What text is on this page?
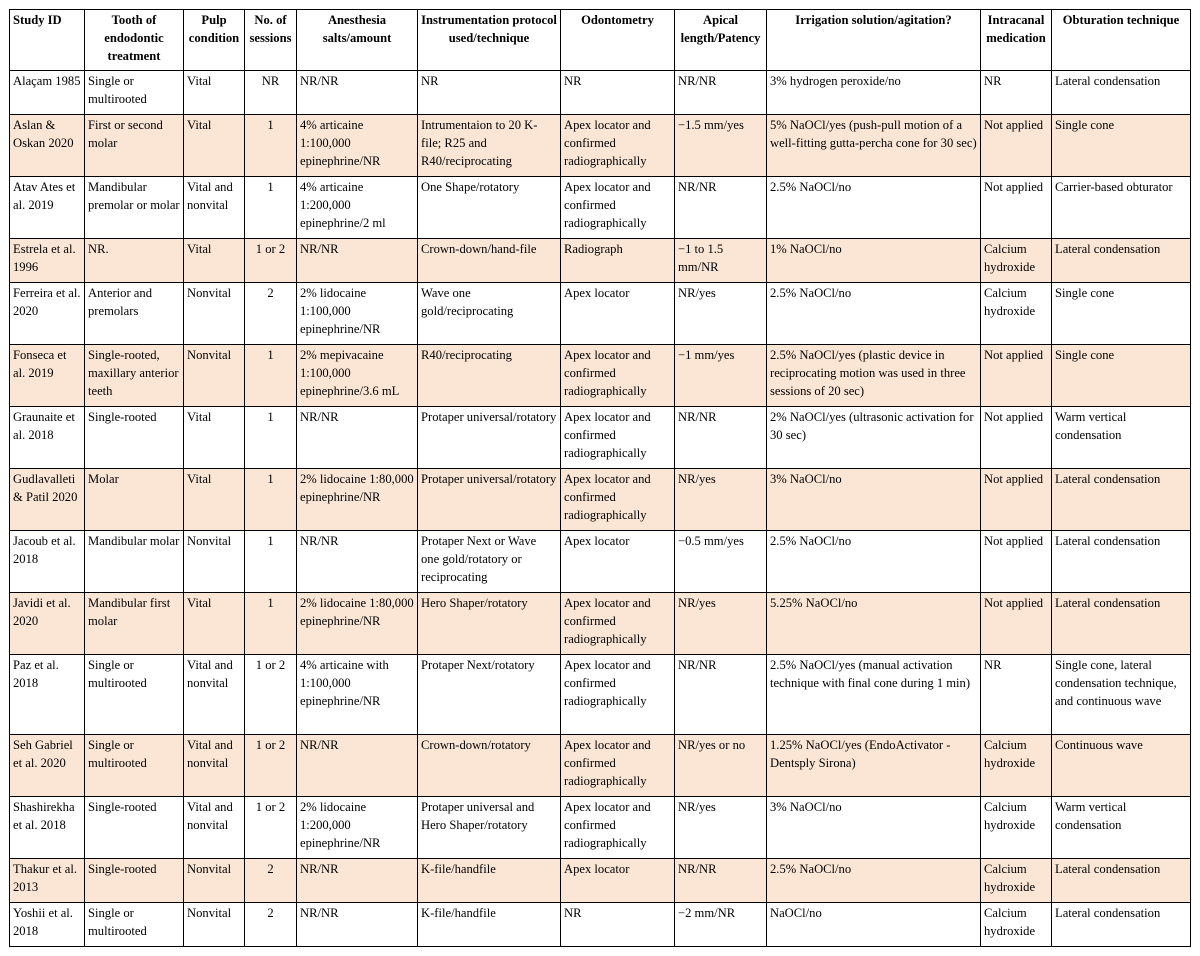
Study ID	Tooth of endodontic treatment	Pulp condition	No. of sessions	Anesthesia salts/amount	Instrumentation protocol used/technique	Odontometry	Apical length/Patency	Irrigation solution/agitation?	Intracanal medication	Obturation technique
Alaçam 1985	Single or multirooted	Vital	NR	NR/NR	NR	NR	NR/NR	3% hydrogen peroxide/no	NR	Lateral condensation
Aslan & Oskan 2020	First or second molar	Vital	1	4% articaine 1:100,000 epinephrine/NR	Intrumentaion to 20 K-file; R25 and R40/reciprocating	Apex locator and confirmed radiographically	−1.5 mm/yes	5% NaOCl/yes (push-pull motion of a well-fitting gutta-percha cone for 30 sec)	Not applied	Single cone
Atav Ates et al. 2019	Mandibular premolar or molar	Vital and nonvital	1	4% articaine 1:200,000 epinephrine/2 ml	One Shape/rotatory	Apex locator and confirmed radiographically	NR/NR	2.5% NaOCl/no	Not applied	Carrier-based obturator
Estrela et al. 1996	NR.	Vital	1 or 2	NR/NR	Crown-down/hand-file	Radiograph	−1 to 1.5 mm/NR	1% NaOCl/no	Calcium hydroxide	Lateral condensation
Ferreira et al. 2020	Anterior and premolars	Nonvital	2	2% lidocaine 1:100,000 epinephrine/NR	Wave one gold/reciprocating	Apex locator	NR/yes	2.5% NaOCl/no	Calcium hydroxide	Single cone
Fonseca et al. 2019	Single-rooted, maxillary anterior teeth	Nonvital	1	2% mepivacaine 1:100,000 epinephrine/3.6 mL	R40/reciprocating	Apex locator and confirmed radiographically	−1 mm/yes	2.5% NaOCl/yes (plastic device in reciprocating motion was used in three sessions of 20 sec)	Not applied	Single cone
Graunaite et al. 2018	Single-rooted	Vital	1	NR/NR	Protaper universal/rotatory	Apex locator and confirmed radiographically	NR/NR	2% NaOCl/yes (ultrasonic activation for 30 sec)	Not applied	Warm vertical condensation
Gudlavalleti & Patil 2020	Molar	Vital	1	2% lidocaine 1:80,000 epinephrine/NR	Protaper universal/rotatory	Apex locator and confirmed radiographically	NR/yes	3% NaOCl/no	Not applied	Lateral condensation
Jacoub et al. 2018	Mandibular molar	Nonvital	1	NR/NR	Protaper Next or Wave one gold/rotatory or reciprocating	Apex locator	−0.5 mm/yes	2.5% NaOCl/no	Not applied	Lateral condensation
Javidi et al. 2020	Mandibular first molar	Vital	1	2% lidocaine 1:80,000 epinephrine/NR	Hero Shaper/rotatory	Apex locator and confirmed radiographically	NR/yes	5.25% NaOCl/no	Not applied	Lateral condensation
Paz et al. 2018	Single or multirooted	Vital and nonvital	1 or 2	4% articaine with 1:100,000 epinephrine/NR	Protaper Next/rotatory	Apex locator and confirmed radiographically	NR/NR	2.5% NaOCl/yes (manual activation technique with final cone during 1 min)	NR	Single cone, lateral condensation technique, and continuous wave
Seh Gabriel et al. 2020	Single or multirooted	Vital and nonvital	1 or 2	NR/NR	Crown-down/rotatory	Apex locator and confirmed radiographically	NR/yes or no	1.25% NaOCl/yes (EndoActivator - Dentsply Sirona)	Calcium hydroxide	Continuous wave
Shashirekha et al. 2018	Single-rooted	Vital and nonvital	1 or 2	2% lidocaine 1:200,000 epinephrine/NR	Protaper universal and Hero Shaper/rotatory	Apex locator and confirmed radiographically	NR/yes	3% NaOCl/no	Calcium hydroxide	Warm vertical condensation
Thakur et al. 2013	Single-rooted	Nonvital	2	NR/NR	K-file/handfile	Apex locator	NR/NR	2.5% NaOCl/no	Calcium hydroxide	Lateral condensation
Yoshii et al. 2018	Single or multirooted	Nonvital	2	NR/NR	K-file/handfile	NR	−2 mm/NR	NaOCl/no	Calcium hydroxide	Lateral condensation
